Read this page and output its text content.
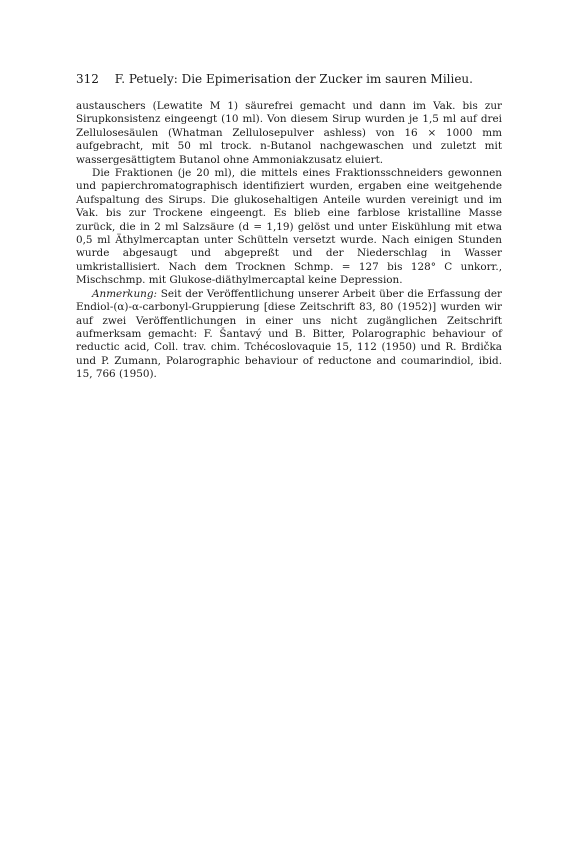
312 F. Petuely: Die Epimerisation der Zucker im sauren Milieu.

austauschers (Lewatite M 1) säurefrei gemacht und dann im Vak. bis zur Sirupkonsistenz eingeengt (10 ml). Von diesem Sirup wurden je 1,5 ml auf drei Zellulosesäulen (Whatman Zellulosepulver ashless) von 16 × 1000 mm aufgebracht, mit 50 ml trock. n-Butanol nachgewaschen und zuletzt mit wassergesättigtem Butanol ohne Ammoniakzusatz eluiert.

Die Fraktionen (je 20 ml), die mittels eines Fraktionsschneiders gewonnen und papierchromatographisch identifiziert wurden, ergaben eine weitgehende Aufspaltung des Sirups. Die glukosehaltigen Anteile wurden vereinigt und im Vak. bis zur Trockene eingeengt. Es blieb eine farblose kristalline Masse zurück, die in 2 ml Salzsäure (d = 1,19) gelöst und unter Eiskühlung mit etwa 0,5 ml Äthylmercaptan unter Schütteln versetzt wurde. Nach einigen Stunden wurde abgesaugt und abgepreßt und der Niederschlag in Wasser umkristallisiert. Nach dem Trocknen Schmp. = 127 bis 128° C unkorr., Mischschmp. mit Glukose-diäthylmercaptal keine Depression.

Anmerkung: Seit der Veröffentlichung unserer Arbeit über die Erfassung der Endiol-(α)-α-carbonyl-Gruppierung [diese Zeitschrift 83, 80 (1952)] wurden wir auf zwei Veröffentlichungen in einer uns nicht zugänglichen Zeitschrift aufmerksam gemacht: F. Šantavý und B. Bitter, Polarographic behaviour of reductic acid, Coll. trav. chim. Tchécoslovaquie 15, 112 (1950) und R. Brdička und P. Zumann, Polarographic behaviour of reductone and coumarindiol, ibid. 15, 766 (1950).
